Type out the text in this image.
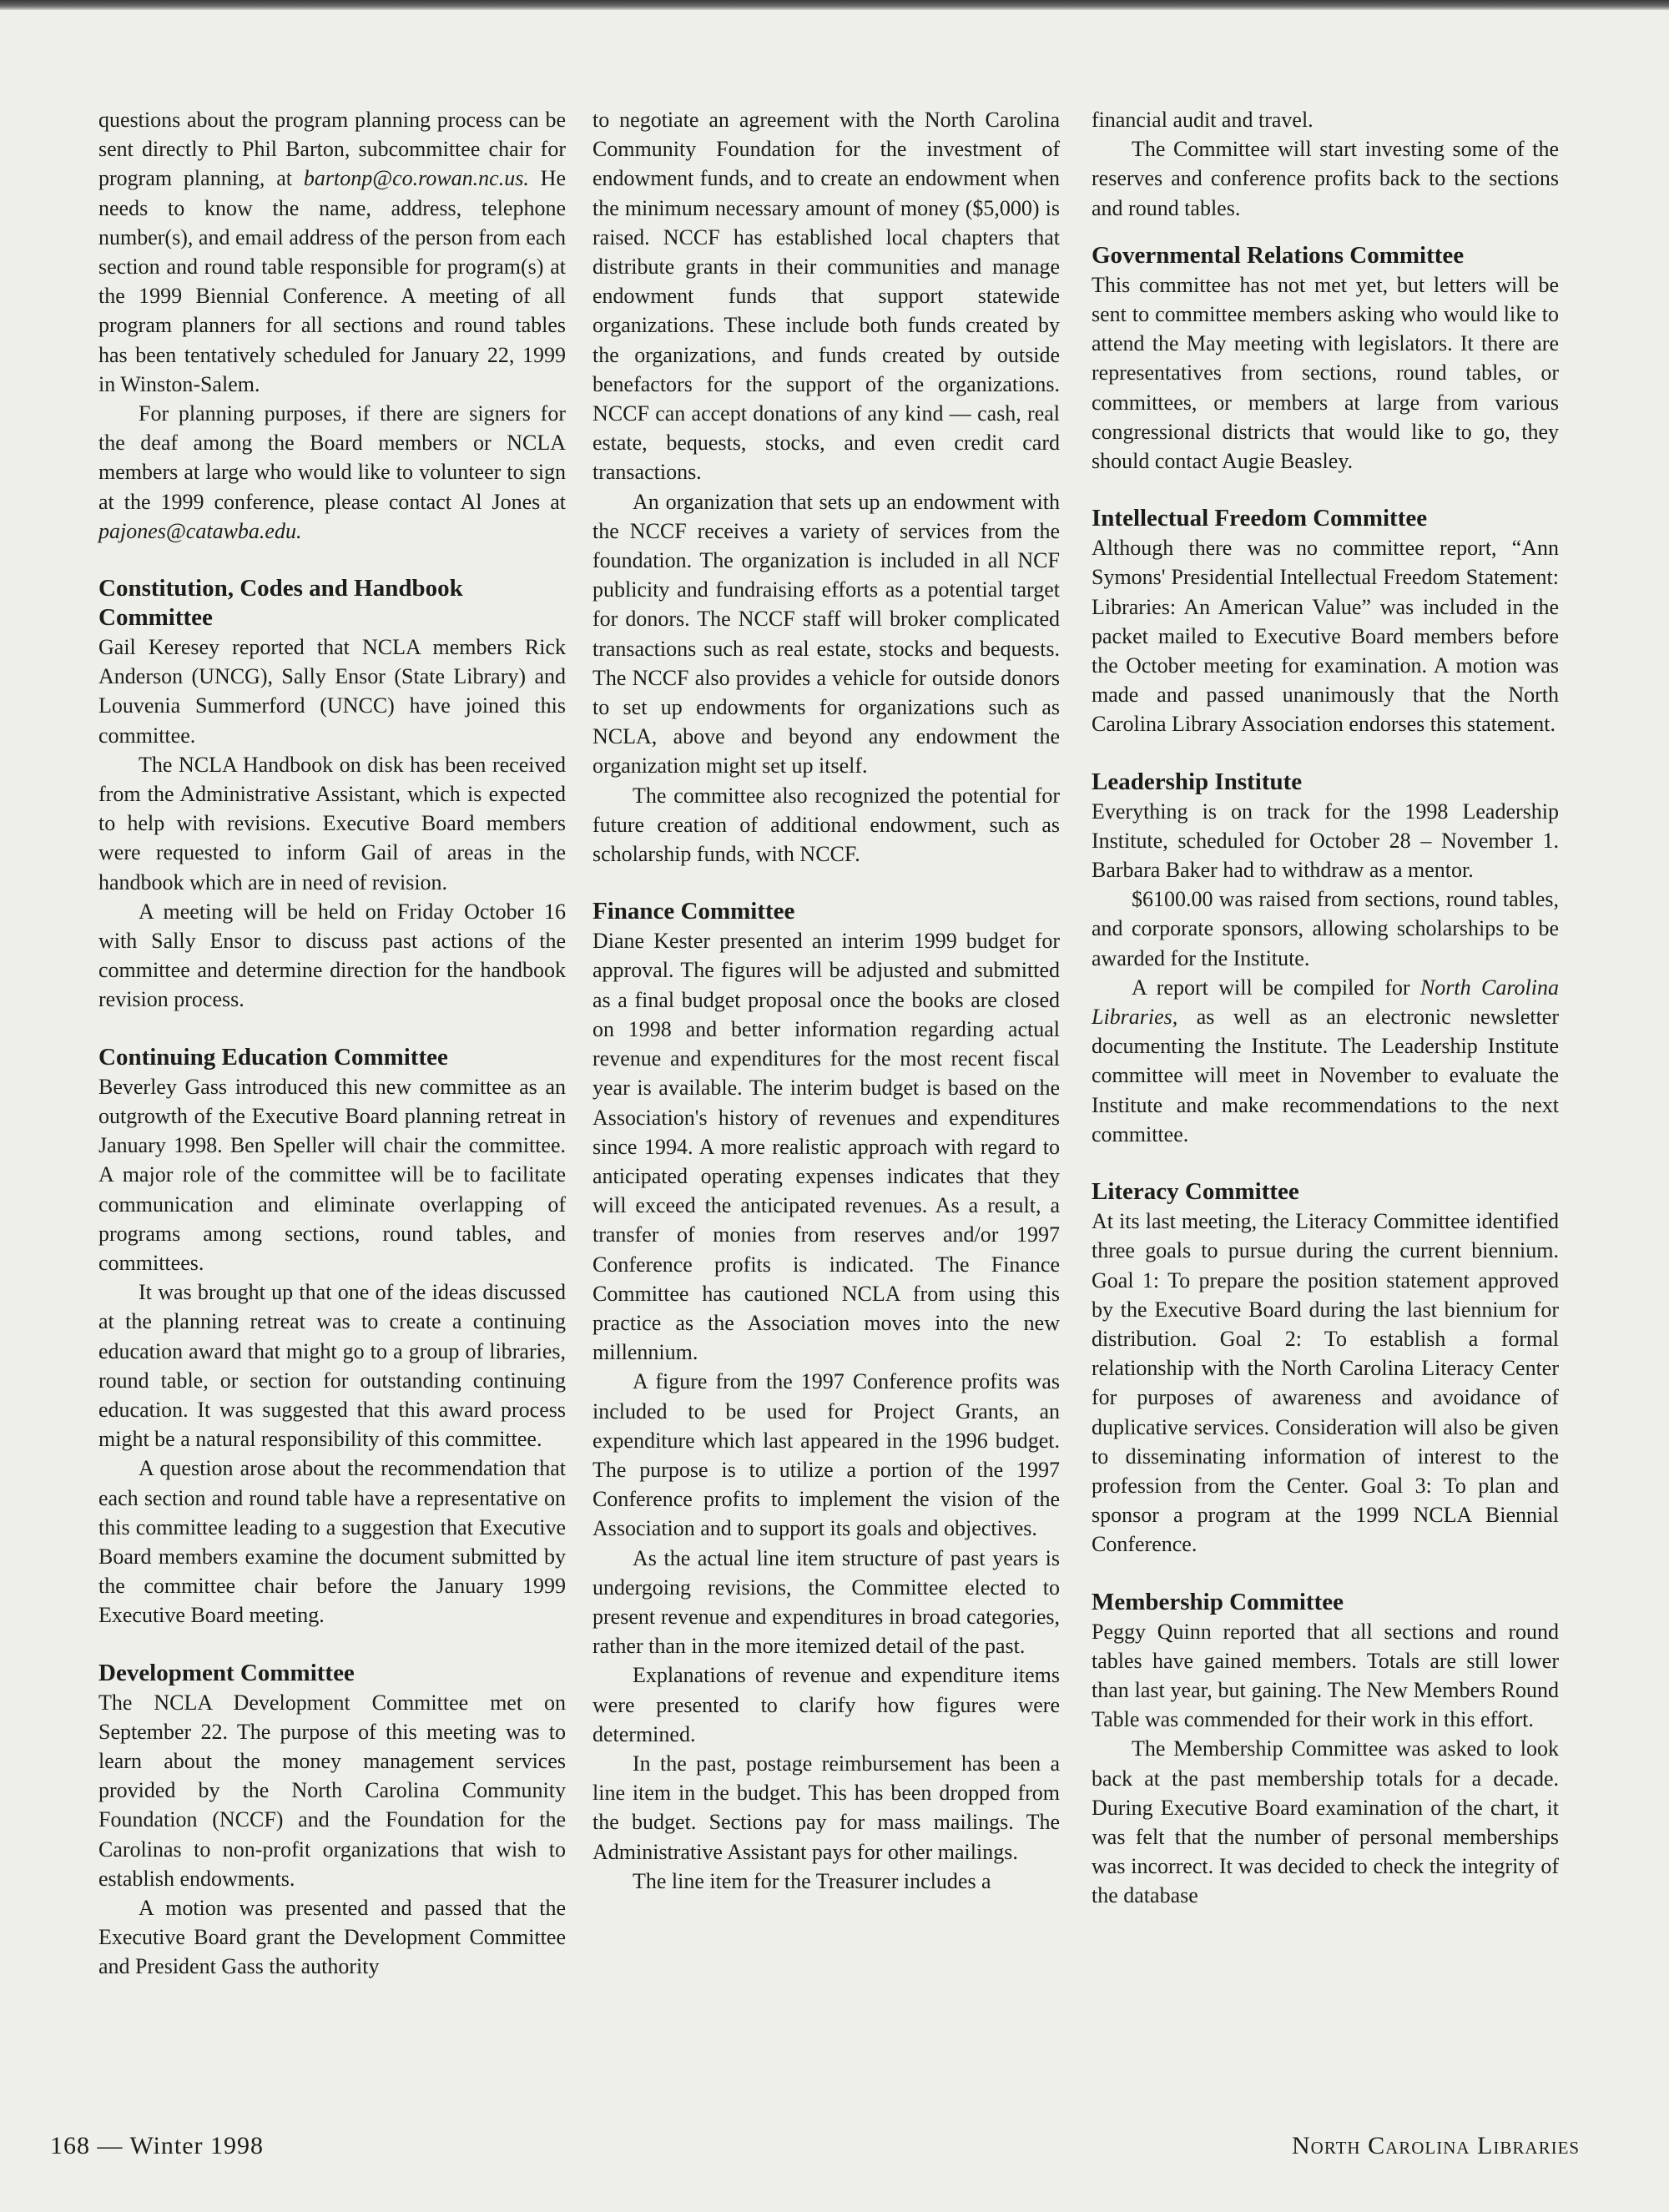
questions about the program planning process can be sent directly to Phil Barton, subcommittee chair for program planning, at bartonp@co.rowan.nc.us. He needs to know the name, address, telephone number(s), and email address of the person from each section and round table responsible for program(s) at the 1999 Biennial Conference. A meeting of all program planners for all sections and round tables has been tentatively scheduled for January 22, 1999 in Winston-Salem.

For planning purposes, if there are signers for the deaf among the Board members or NCLA members at large who would like to volunteer to sign at the 1999 conference, please contact Al Jones at pajones@catawba.edu.

Constitution, Codes and Handbook Committee

Gail Keresey reported that NCLA members Rick Anderson (UNCG), Sally Ensor (State Library) and Louvenia Summerford (UNCC) have joined this committee.

The NCLA Handbook on disk has been received from the Administrative Assistant, which is expected to help with revisions. Executive Board members were requested to inform Gail of areas in the handbook which are in need of revision.

A meeting will be held on Friday October 16 with Sally Ensor to discuss past actions of the committee and determine direction for the handbook revision process.

Continuing Education Committee

Beverley Gass introduced this new committee as an outgrowth of the Executive Board planning retreat in January 1998. Ben Speller will chair the committee. A major role of the committee will be to facilitate communication and eliminate overlapping of programs among sections, round tables, and committees.

It was brought up that one of the ideas discussed at the planning retreat was to create a continuing education award that might go to a group of libraries, round table, or section for outstanding continuing education. It was suggested that this award process might be a natural responsibility of this committee.

A question arose about the recommendation that each section and round table have a representative on this committee leading to a suggestion that Executive Board members examine the document submitted by the committee chair before the January 1999 Executive Board meeting.

Development Committee

The NCLA Development Committee met on September 22. The purpose of this meeting was to learn about the money management services provided by the North Carolina Community Foundation (NCCF) and the Foundation for the Carolinas to non-profit organizations that wish to establish endowments.

A motion was presented and passed that the Executive Board grant the Development Committee and President Gass the authority

to negotiate an agreement with the North Carolina Community Foundation for the investment of endowment funds, and to create an endowment when the minimum necessary amount of money ($5,000) is raised. NCCF has established local chapters that distribute grants in their communities and manage endowment funds that support statewide organizations. These include both funds created by the organizations, and funds created by outside benefactors for the support of the organizations. NCCF can accept donations of any kind — cash, real estate, bequests, stocks, and even credit card transactions.

An organization that sets up an endowment with the NCCF receives a variety of services from the foundation. The organization is included in all NCF publicity and fundraising efforts as a potential target for donors. The NCCF staff will broker complicated transactions such as real estate, stocks and bequests. The NCCF also provides a vehicle for outside donors to set up endowments for organizations such as NCLA, above and beyond any endowment the organization might set up itself.

The committee also recognized the potential for future creation of additional endowment, such as scholarship funds, with NCCF.

Finance Committee

Diane Kester presented an interim 1999 budget for approval. The figures will be adjusted and submitted as a final budget proposal once the books are closed on 1998 and better information regarding actual revenue and expenditures for the most recent fiscal year is available. The interim budget is based on the Association's history of revenues and expenditures since 1994. A more realistic approach with regard to anticipated operating expenses indicates that they will exceed the anticipated revenues. As a result, a transfer of monies from reserves and/or 1997 Conference profits is indicated. The Finance Committee has cautioned NCLA from using this practice as the Association moves into the new millennium.

A figure from the 1997 Conference profits was included to be used for Project Grants, an expenditure which last appeared in the 1996 budget. The purpose is to utilize a portion of the 1997 Conference profits to implement the vision of the Association and to support its goals and objectives.

As the actual line item structure of past years is undergoing revisions, the Committee elected to present revenue and expenditures in broad categories, rather than in the more itemized detail of the past.

Explanations of revenue and expenditure items were presented to clarify how figures were determined.

In the past, postage reimbursement has been a line item in the budget. This has been dropped from the budget. Sections pay for mass mailings. The Administrative Assistant pays for other mailings.

The line item for the Treasurer includes a

financial audit and travel.

The Committee will start investing some of the reserves and conference profits back to the sections and round tables.

Governmental Relations Committee

This committee has not met yet, but letters will be sent to committee members asking who would like to attend the May meeting with legislators. It there are representatives from sections, round tables, or committees, or members at large from various congressional districts that would like to go, they should contact Augie Beasley.

Intellectual Freedom Committee

Although there was no committee report, “Ann Symons' Presidential Intellectual Freedom Statement: Libraries: An American Value” was included in the packet mailed to Executive Board members before the October meeting for examination. A motion was made and passed unanimously that the North Carolina Library Association endorses this statement.

Leadership Institute

Everything is on track for the 1998 Leadership Institute, scheduled for October 28 – November 1. Barbara Baker had to withdraw as a mentor.

$6100.00 was raised from sections, round tables, and corporate sponsors, allowing scholarships to be awarded for the Institute.

A report will be compiled for North Carolina Libraries, as well as an electronic newsletter documenting the Institute. The Leadership Institute committee will meet in November to evaluate the Institute and make recommendations to the next committee.

Literacy Committee

At its last meeting, the Literacy Committee identified three goals to pursue during the current biennium. Goal 1: To prepare the position statement approved by the Executive Board during the last biennium for distribution. Goal 2: To establish a formal relationship with the North Carolina Literacy Center for purposes of awareness and avoidance of duplicative services. Consideration will also be given to disseminating information of interest to the profession from the Center. Goal 3: To plan and sponsor a program at the 1999 NCLA Biennial Conference.

Membership Committee

Peggy Quinn reported that all sections and round tables have gained members. Totals are still lower than last year, but gaining. The New Members Round Table was commended for their work in this effort.

The Membership Committee was asked to look back at the past membership totals for a decade. During Executive Board examination of the chart, it was felt that the number of personal memberships was incorrect. It was decided to check the integrity of the database

168 — Winter 1998	North Carolina Libraries
